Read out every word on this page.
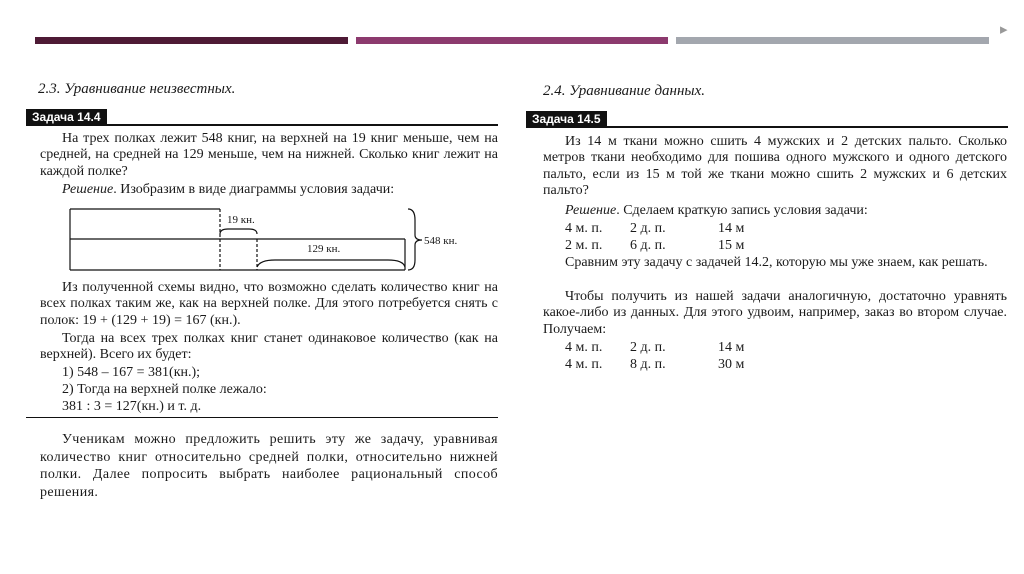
▸
2.3. Уравнивание неизвестных.
Задача 14.4
На трех полках лежит 548 книг, на верхней на 19 книг меньше, чем на средней, на средней на 129 меньше, чем на нижней. Сколько книг лежит на каждой полке?
Решение. Изобразим в виде диаграммы условия задачи:
19 кн.
129 кн.
548 кн.
Из полученной схемы видно, что возможно сделать количество книг на всех полках таким же, как на верхней полке. Для этого потребуется снять с полок: 19 + (129 + 19) = 167 (кн.).
Тогда на всех трех полках книг станет одинаковое количество (как на верхней). Всего их будет:
1) 548 – 167 = 381(кн.);
2) Тогда на верхней полке лежало:
381 : 3 = 127(кн.) и т. д.
Ученикам можно предложить решить эту же задачу, уравнивая количество книг относительно средней полки, относительно нижней полки. Далее попросить выбрать наиболее рациональный способ решения.
2.4. Уравнивание данных.
Задача 14.5
Из 14 м ткани можно сшить 4 мужских и 2 детских пальто. Сколько метров ткани необходимо для пошива одного мужского и одного детского пальто, если из 15 м той же ткани можно сшить 2 мужских и 6 детских пальто?
Решение. Сделаем краткую запись условия задачи:
4 м. п. 2 д. п.	14 м
2 м. п. 6 д. п.	15 м
Сравним эту задачу с задачей 14.2, которую мы уже знаем, как решать.
Чтобы получить из нашей задачи аналогичную, достаточно уравнять какое-либо из данных. Для этого удвоим, например, заказ во втором случае. Получаем:
4 м. п. 2 д. п.	14 м
4 м. п. 8 д. п.	30 м
